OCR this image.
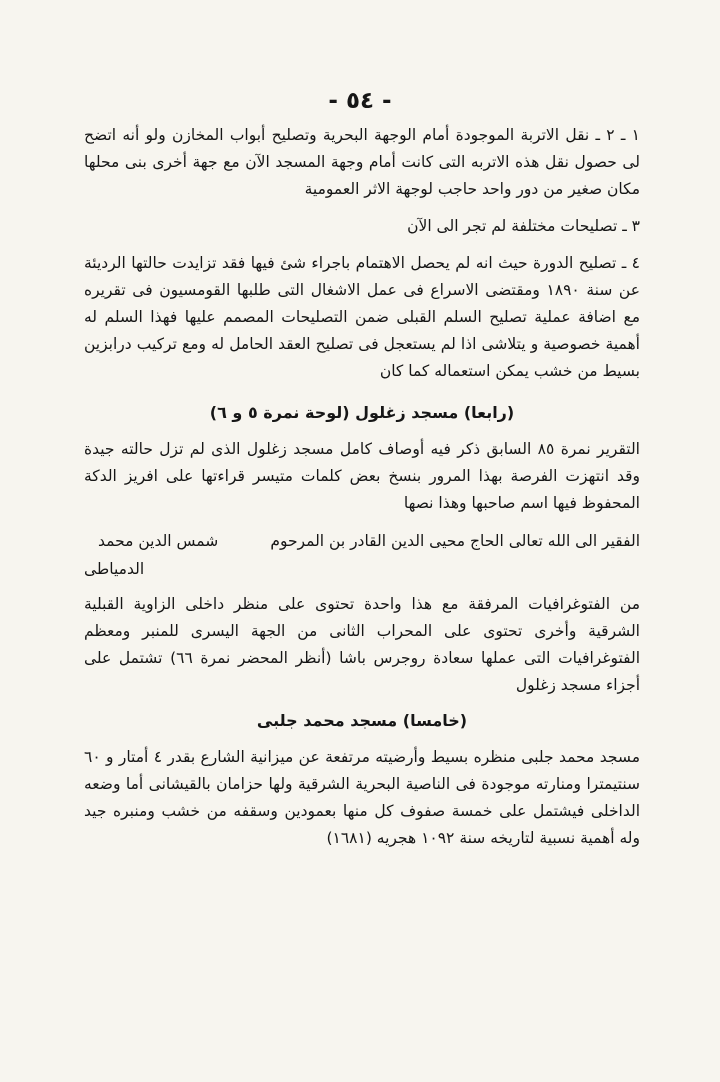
- ٥٤ -

١ ـ ٢ ـ نقل الاتربة الموجودة أمام الوجهة البحرية وتصليح أبواب المخازن ولو أنه اتضح لى حصول نقل هذه الاتربه التى كانت أمام وجهة المسجد الآن مع جهة أخرى بنى محلها مكان صغير من دور واحد حاجب لوجهة الاثر العمومية

٣ ـ تصليحات مختلفة لم تجر الى الآن

٤ ـ تصليح الدورة حيث انه لم يحصل الاهتمام باجراء شئ فيها فقد تزايدت حالتها الرديئة عن سنة ١٨٩٠ ومقتضى الاسراع فى عمل الاشغال التى طلبها القومسيون فى تقريره مع اضافة عملية تصليح السلم القبلى ضمن التصليحات المصمم عليها فهذا السلم له أهمية خصوصية و يتلاشى اذا لم يستعجل فى تصليح العقد الحامل له ومع تركيب درابزين بسيط من خشب يمكن استعماله كما كان

(رابعا) مسجد زغلول (لوحة نمرة ٥ و ٦)

التقرير نمرة ٨٥ السابق ذكر فيه أوصاف كامل مسجد زغلول الذى لم تزل حالته جيدة وقد انتهزت الفرصة بهذا المرور بنسخ بعض كلمات متيسر قراءتها على افريز الدكة المحفوظ فيها اسم صاحبها وهذا نصها

الفقير الى الله تعالى الحاج محيى الدين القادر بن المرحوم
شمس الدين محمد
الدمياطى

من الفتوغرافيات المرفقة مع هذا واحدة تحتوى على منظر داخلى الزاوية القبلية الشرقية وأخرى تحتوى على المحراب الثانى من الجهة اليسرى للمنبر ومعظم الفتوغرافيات التى عملها سعادة روجرس باشا (أنظر المحضر نمرة ٦٦) تشتمل على أجزاء مسجد زغلول

(خامسا) مسجد محمد جلبى

مسجد محمد جلبى منظره بسيط وأرضيته مرتفعة عن ميزانية الشارع بقدر ٤ أمتار و ٦٠ سنتيمترا ومنارته موجودة فى الناصية البحرية الشرقية ولها حزامان بالقيشانى أما وضعه الداخلى فيشتمل على خمسة صفوف كل منها بعمودين وسقفه من خشب ومنبره جيد وله أهمية نسبية لتاريخه سنة ١٠٩٢ هجريه (١٦٨١)
